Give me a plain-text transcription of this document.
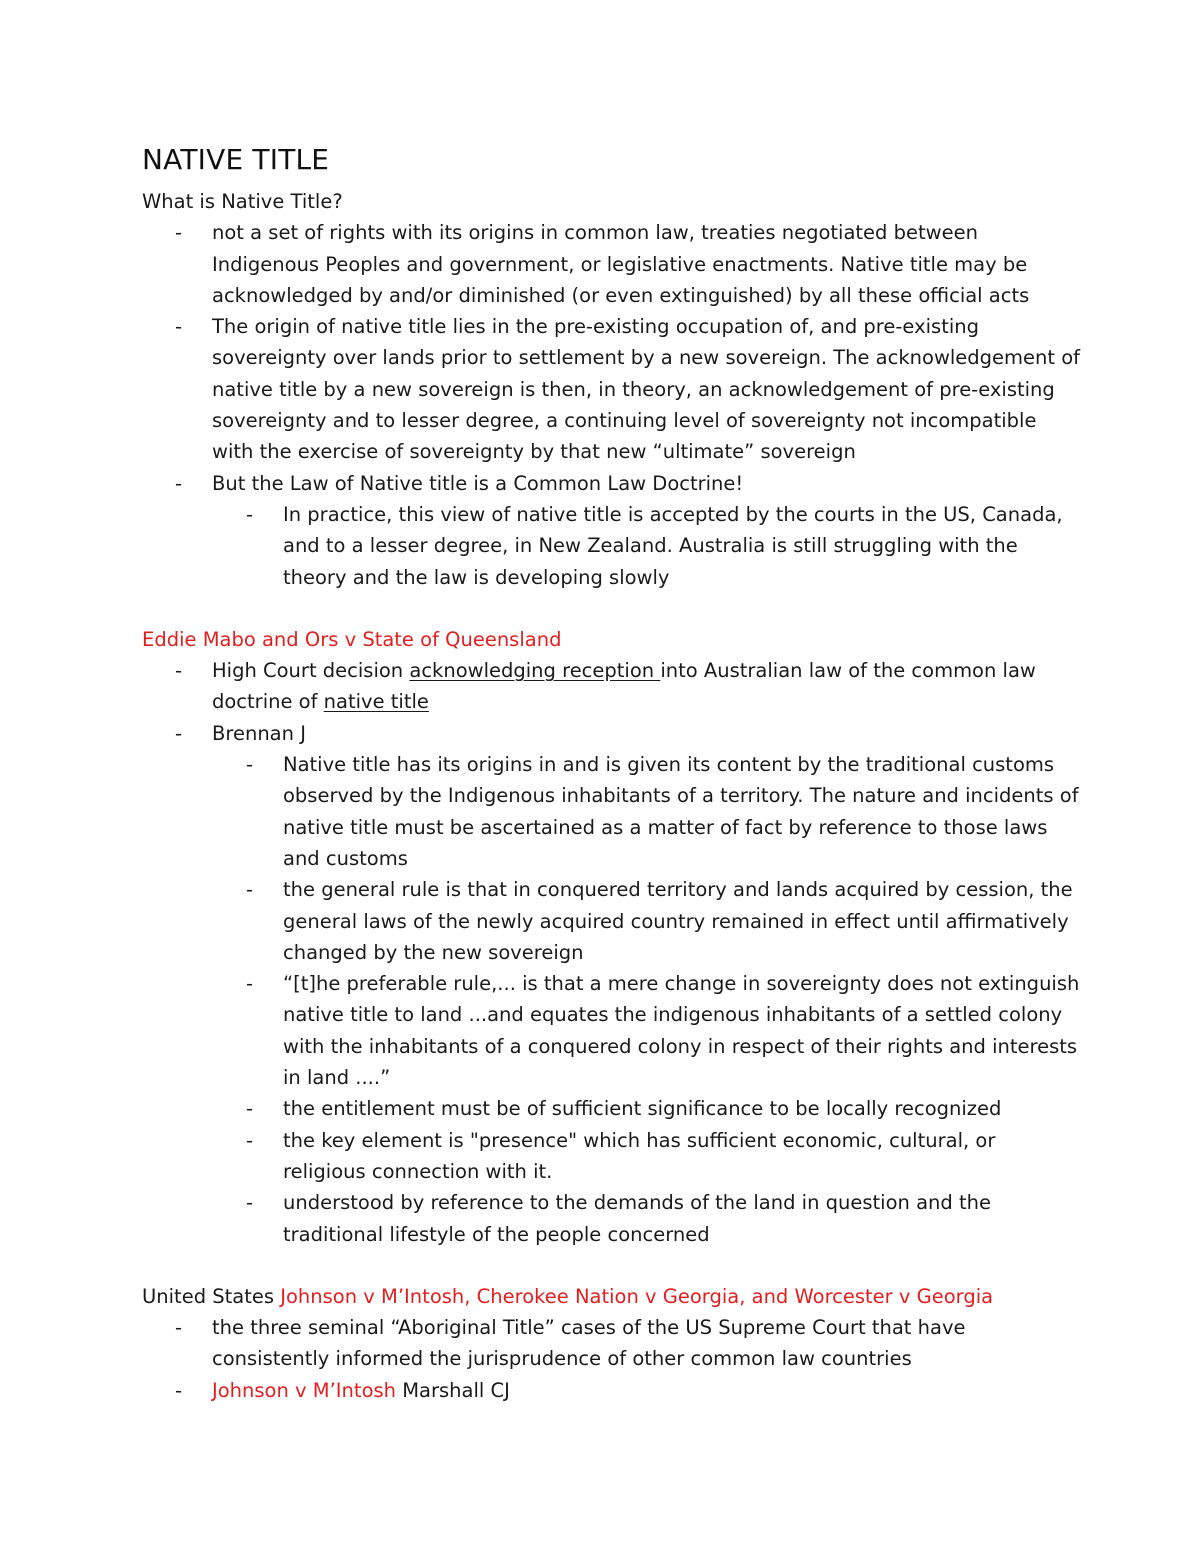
NATIVE TITLE

What is Native Title?

- not a set of rights with its origins in common law, treaties negotiated between Indigenous Peoples and government, or legislative enactments. Native title may be acknowledged by and/or diminished (or even extinguished) by all these official acts
- The origin of native title lies in the pre-existing occupation of, and pre-existing sovereignty over lands prior to settlement by a new sovereign. The acknowledgement of native title by a new sovereign is then, in theory, an acknowledgement of pre-existing sovereignty and to lesser degree, a continuing level of sovereignty not incompatible with the exercise of sovereignty by that new “ultimate” sovereign
- But the Law of Native title is a Common Law Doctrine!
- In practice, this view of native title is accepted by the courts in the US, Canada, and to a lesser degree, in New Zealand. Australia is still struggling with the theory and the law is developing slowly

Eddie Mabo and Ors v State of Queensland

- High Court decision acknowledging reception into Australian law of the common law doctrine of native title
- Brennan J
- Native title has its origins in and is given its content by the traditional customs observed by the Indigenous inhabitants of a territory. The nature and incidents of native title must be ascertained as a matter of fact by reference to those laws and customs
- the general rule is that in conquered territory and lands acquired by cession, the general laws of the newly acquired country remained in effect until affirmatively changed by the new sovereign
- “[t]he preferable rule,... is that a mere change in sovereignty does not extinguish native title to land ...and equates the indigenous inhabitants of a settled colony with the inhabitants of a conquered colony in respect of their rights and interests in land ....”
- the entitlement must be of sufficient significance to be locally recognized
- the key element is "presence" which has sufficient economic, cultural, or religious connection with it.
- understood by reference to the demands of the land in question and the traditional lifestyle of the people concerned

United States Johnson v M’Intosh, Cherokee Nation v Georgia, and Worcester v Georgia

- the three seminal “Aboriginal Title” cases of the US Supreme Court that have consistently informed the jurisprudence of other common law countries
- Johnson v M’Intosh Marshall CJ
